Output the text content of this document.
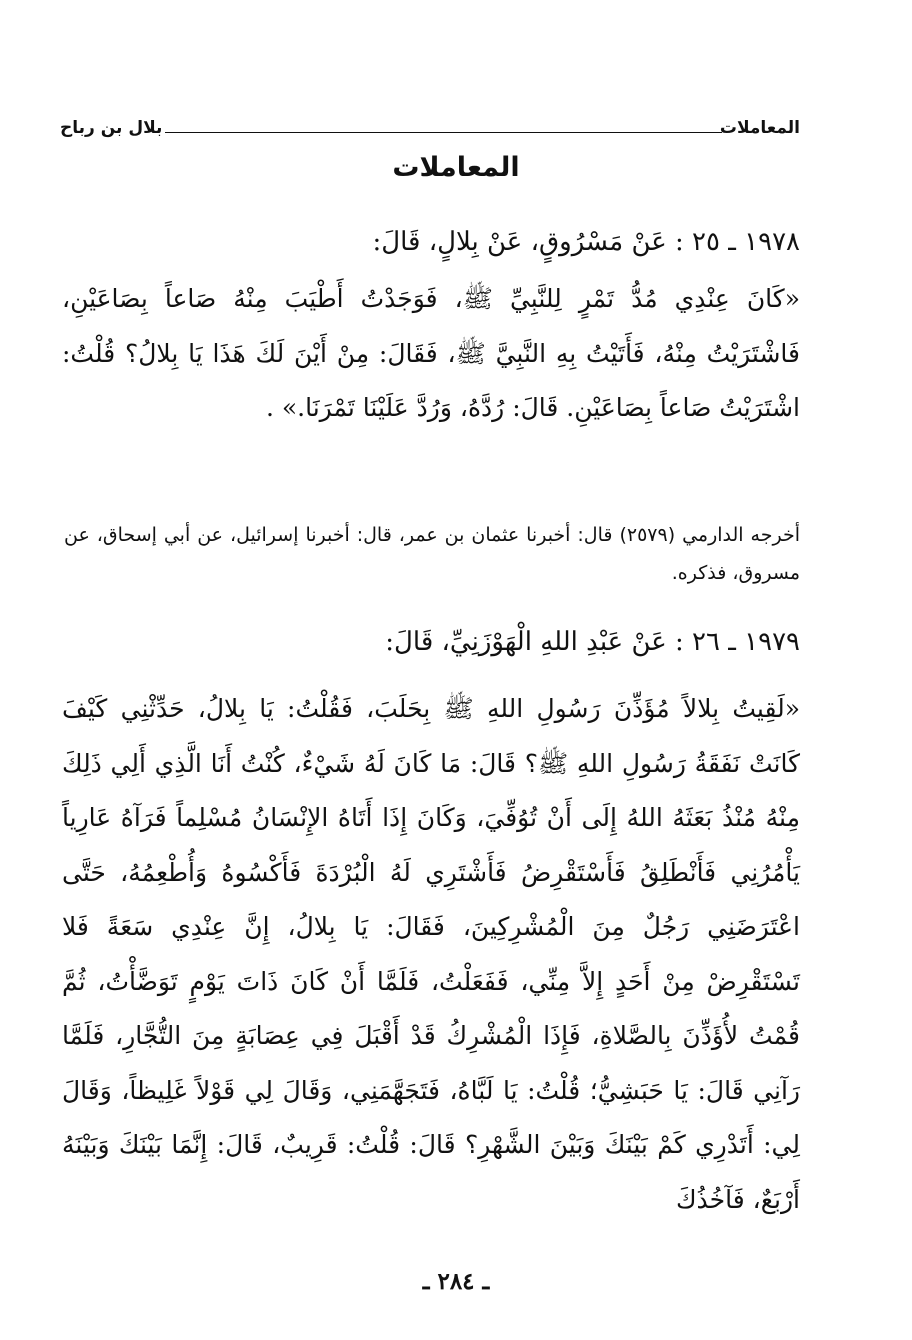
المعاملات
بلال بن رباح
المعاملات
١٩٧٨ ـ ٢٥ : عَنْ مَسْرُوقٍ، عَنْ بِلالٍ، قَالَ:
«كَانَ عِنْدِي مُدُّ تَمْرٍ لِلنَّبِيِّ ﷺ، فَوَجَدْتُ أَطْيَبَ مِنْهُ صَاعاً بِصَاعَيْنِ، فَاشْتَرَيْتُ مِنْهُ، فَأَتَيْتُ بِهِ النَّبِيَّ ﷺ، فَقَالَ: مِنْ أَيْنَ لَكَ هَذَا يَا بِلالُ؟ قُلْتُ: اشْتَرَيْتُ صَاعاً بِصَاعَيْنِ. قَالَ: رُدَّهُ، وَرُدَّ عَلَيْنَا تَمْرَنَا.» .
أخرجه الدارمي (٢٥٧٩) قال: أخبرنا عثمان بن عمر، قال: أخبرنا إسرائيل، عن أبي إسحاق، عن مسروق، فذكره.
١٩٧٩ ـ ٢٦ : عَنْ عَبْدِ اللهِ الْهَوْزَنِيِّ، قَالَ:
«لَقِيتُ بِلالاً مُؤَذِّنَ رَسُولِ اللهِ ﷺ بِحَلَبَ، فَقُلْتُ: يَا بِلالُ، حَدِّثْنِي كَيْفَ كَانَتْ نَفَقَةُ رَسُولِ اللهِ ﷺ؟ قَالَ: مَا كَانَ لَهُ شَيْءٌ، كُنْتُ أَنَا الَّذِي أَلِي ذَلِكَ مِنْهُ مُنْذُ بَعَثَهُ اللهُ إِلَى أَنْ تُوُفِّيَ، وَكَانَ إِذَا أَتَاهُ الإِنْسَانُ مُسْلِماً فَرَآهُ عَارِياً يَأْمُرُنِي فَأَنْطَلِقُ فَأَسْتَقْرِضُ فَأَشْتَرِي لَهُ الْبُرْدَةَ فَأَكْسُوهُ وَأُطْعِمُهُ، حَتَّى اعْتَرَضَنِي رَجُلٌ مِنَ الْمُشْرِكِينَ، فَقَالَ: يَا بِلالُ، إِنَّ عِنْدِي سَعَةً فَلا تَسْتَقْرِضْ مِنْ أَحَدٍ إِلاَّ مِنِّي، فَفَعَلْتُ، فَلَمَّا أَنْ كَانَ ذَاتَ يَوْمٍ تَوَضَّأْتُ، ثُمَّ قُمْتُ لأُؤَذِّنَ بِالصَّلاةِ، فَإِذَا الْمُشْرِكُ قَدْ أَقْبَلَ فِي عِصَابَةٍ مِنَ التُّجَّارِ، فَلَمَّا رَآنِي قَالَ: يَا حَبَشِيُّ؛ قُلْتُ: يَا لَبَّاهُ، فَتَجَهَّمَنِي، وَقَالَ لِي قَوْلاً غَلِيظاً، وَقَالَ لِي: أَتَدْرِي كَمْ بَيْنَكَ وَبَيْنَ الشَّهْرِ؟ قَالَ: قُلْتُ: قَرِيبٌ، قَالَ: إِنَّمَا بَيْنَكَ وَبَيْنَهُ أَرْبَعٌ، فَآخُذُكَ
ـ ٢٨٤ ـ
